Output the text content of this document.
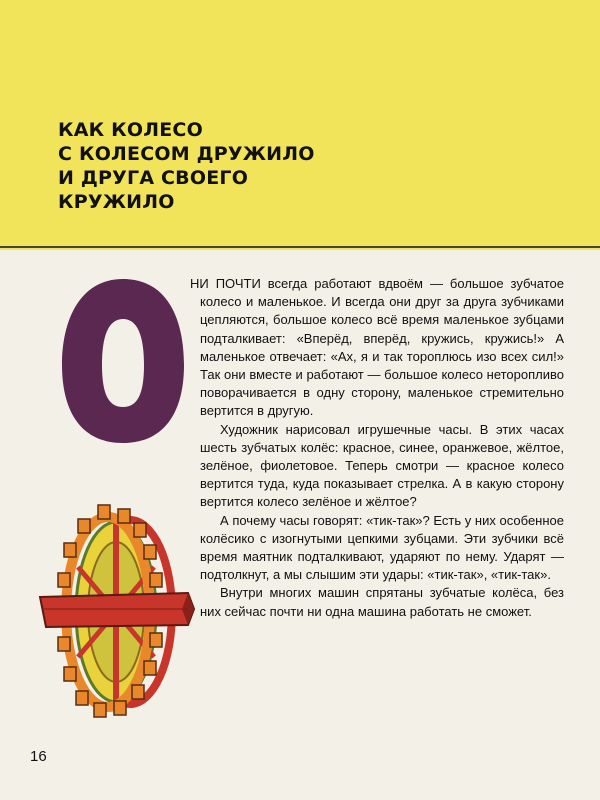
КАК КОЛЕСО
С КОЛЕСОМ ДРУЖИЛО
И ДРУГА СВОЕГО
КРУЖИЛО

НИ ПОЧТИ всегда работают вдвоём — большое зубчатое колесо и маленькое. И всегда они друг за друга зубчиками цепляются, большое колесо всё время маленькое зубцами подталкивает: «Вперёд, вперёд, кружись, кружись!» А маленькое отвечает: «Ах, я и так тороплюсь изо всех сил!» Так они вместе и работают — большое колесо неторопливо поворачивается в одну сторону, маленькое стремительно вертится в другую.

Художник нарисовал игрушечные часы. В этих часах шесть зубчатых колёс: красное, синее, оранжевое, жёлтое, зелёное, фиолетовое. Теперь смотри — красное колесо вертится туда, куда показывает стрелка. А в какую сторону вертится колесо зелёное и жёлтое?

А почему часы говорят: «тик-так»? Есть у них особенное колёсико с изогнутыми цепкими зубцами. Эти зубчики всё время маятник подталкивают, ударяют по нему. Ударят — подтолкнут, а мы слышим эти удары: «тик-так», «тик-так».

Внутри многих машин спрятаны зубчатые колёса, без них сейчас почти ни одна машина работать не сможет.

16
